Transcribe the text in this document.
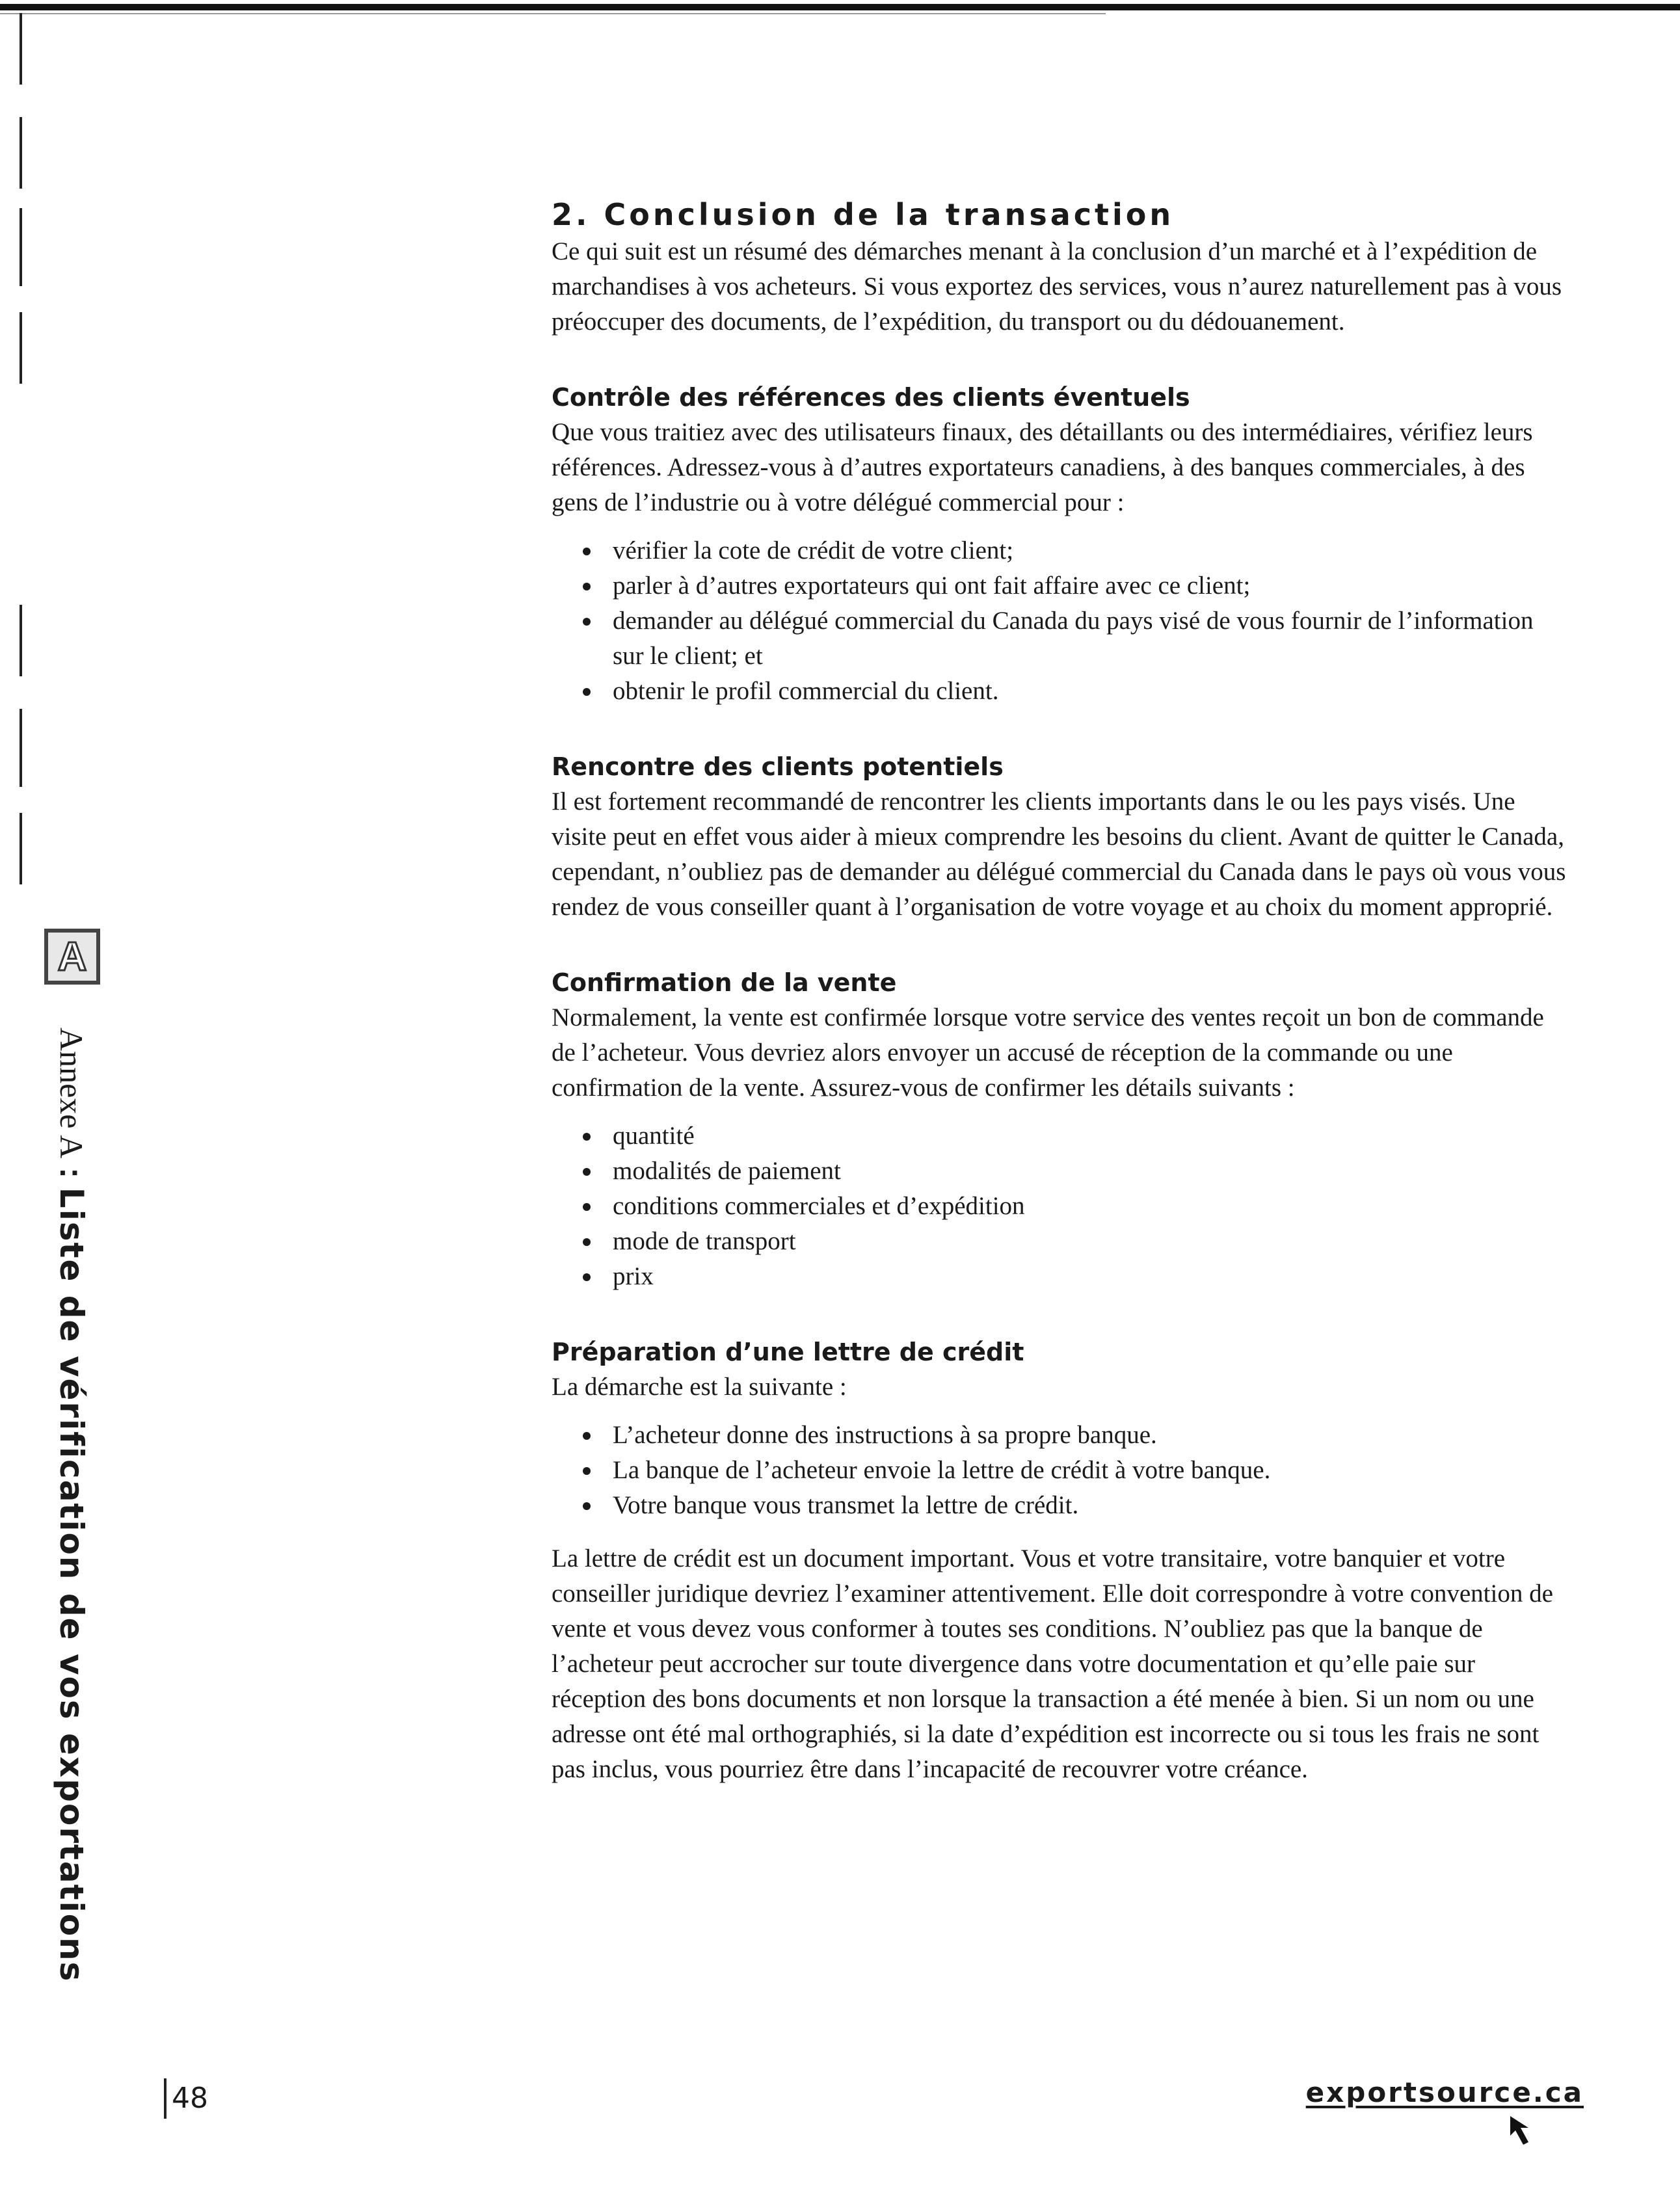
A
Annexe A : Liste de vérification de vos exportations
2. Conclusion de la transaction

Ce qui suit est un résumé des démarches menant à la conclusion d’un marché et à l’expédition de marchandises à vos acheteurs. Si vous exportez des services, vous n’aurez naturellement pas à vous préoccuper des documents, de l’expédition, du transport ou du dédouanement.

Contrôle des références des clients éventuels

Que vous traitiez avec des utilisateurs finaux, des détaillants ou des intermédiaires, vérifiez leurs références. Adressez-vous à d’autres exportateurs canadiens, à des banques commerciales, à des gens de l’industrie ou à votre délégué commercial pour :

vérifier la cote de crédit de votre client;
parler à d’autres exportateurs qui ont fait affaire avec ce client;
demander au délégué commercial du Canada du pays visé de vous fournir de l’information sur le client; et
obtenir le profil commercial du client.
Rencontre des clients potentiels

Il est fortement recommandé de rencontrer les clients importants dans le ou les pays visés. Une visite peut en effet vous aider à mieux comprendre les besoins du client. Avant de quitter le Canada, cependant, n’oubliez pas de demander au délégué commercial du Canada dans le pays où vous vous rendez de vous conseiller quant à l’organisation de votre voyage et au choix du moment approprié.

Confirmation de la vente

Normalement, la vente est confirmée lorsque votre service des ventes reçoit un bon de commande de l’acheteur. Vous devriez alors envoyer un accusé de réception de la commande ou une confirmation de la vente. Assurez-vous de confirmer les détails suivants :

quantité
modalités de paiement
conditions commerciales et d’expédition
mode de transport
prix
Préparation d’une lettre de crédit

La démarche est la suivante :

L’acheteur donne des instructions à sa propre banque.
La banque de l’acheteur envoie la lettre de crédit à votre banque.
Votre banque vous transmet la lettre de crédit.

La lettre de crédit est un document important. Vous et votre transitaire, votre banquier et votre conseiller juridique devriez l’examiner attentivement. Elle doit correspondre à votre convention de vente et vous devez vous conformer à toutes ses conditions. N’oubliez pas que la banque de l’acheteur peut accrocher sur toute divergence dans votre documentation et qu’elle paie sur réception des bons documents et non lorsque la transaction a été menée à bien. Si un nom ou une adresse ont été mal orthographiés, si la date d’expédition est incorrecte ou si tous les frais ne sont pas inclus, vous pourriez être dans l’incapacité de recouvrer votre créance.

48	exportsource.ca
